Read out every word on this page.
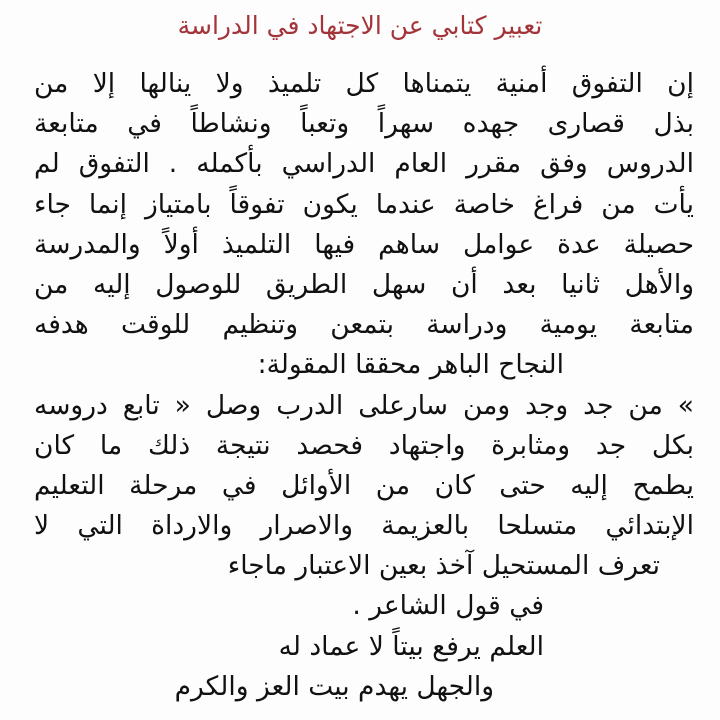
تعبير كتابي عن الاجتهاد في الدراسة
إن التفوق أمنية يتمناها كل تلميذ ولا ينالها إلا من
بذل قصارى جهده سهراً وتعباً ونشاطاً في متابعة
الدروس وفق مقرر العام الدراسي بأكمله . التفوق لم
يأت من فراغ خاصة عندما يكون تفوقاً بامتياز إنما جاء
حصيلة عدة عوامل ساهم فيها التلميذ أولاً والمدرسة
والأهل ثانيا بعد أن سهل الطريق للوصول إليه من
متابعة يومية ودراسة بتمعن وتنظيم للوقت هدفه
النجاح الباهر محققا المقولة:
» من جد وجد ومن سارعلى الدرب وصل « تابع دروسه
بكل جد ومثابرة واجتهاد فحصد نتيجة ذلك ما كان
يطمح إليه حتى كان من الأوائل في مرحلة التعليم
الإبتدائي متسلحا بالعزيمة والاصرار والارداة التي لا
تعرف المستحيل آخذ بعين الاعتبار ماجاء
في قول الشاعر .
العلم يرفع بيتاً لا عماد له
والجهل يهدم بيت العز والكرم
